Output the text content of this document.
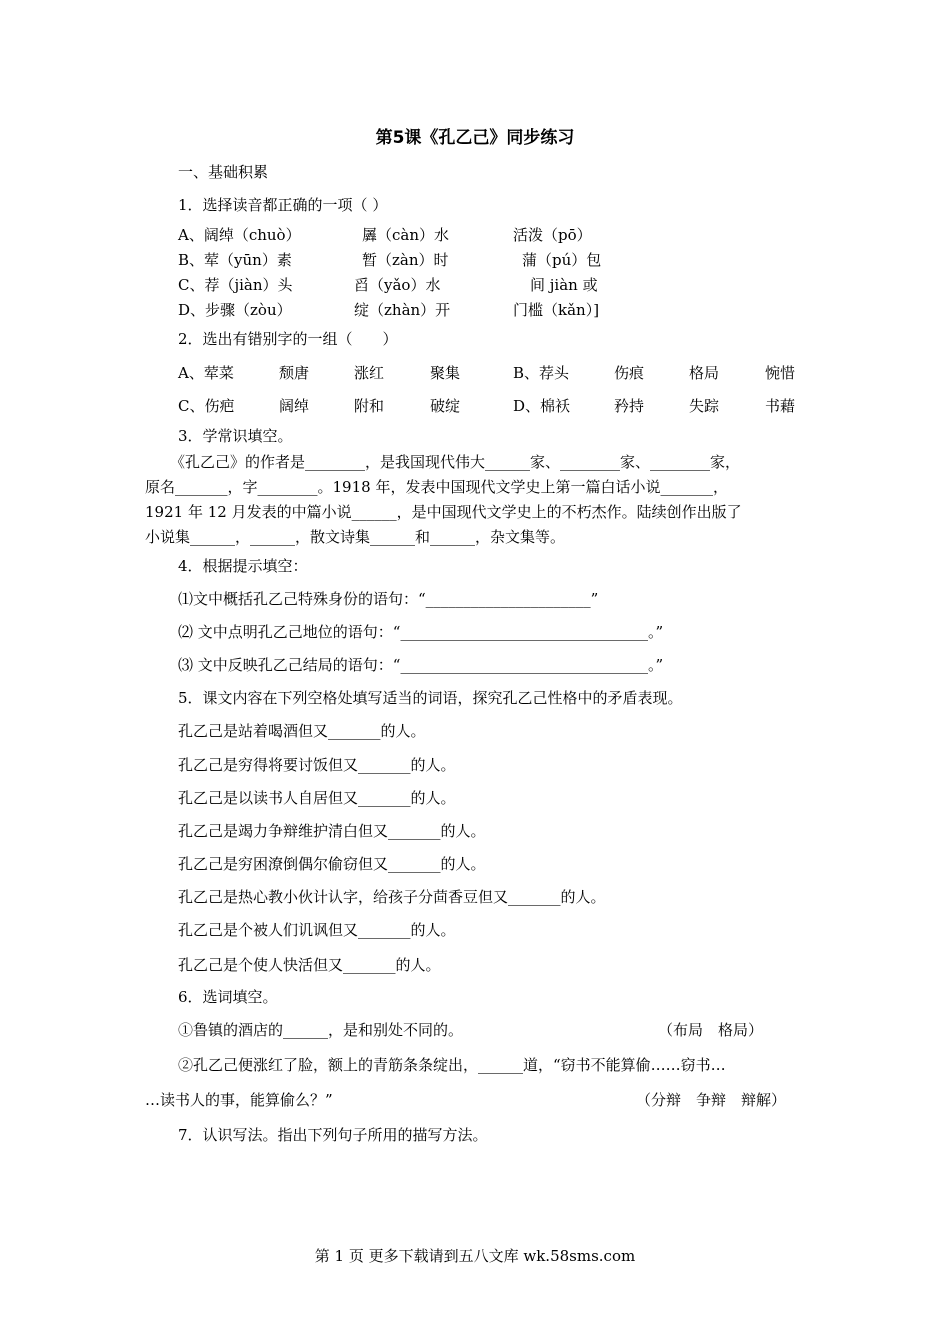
第5课《孔乙己》同步练习
一、基础积累
1．选择读音都正确的一项（ ）
A、阔绰（chuò）	羼（càn）水	活泼（pō）
B、荤（yūn）素	暂（zàn）时	蒲（pú）包
C、荐（jiàn）头	舀（yǎo）水	间 jiàn 或
D、步骤（zòu）	绽（zhàn）开	门槛（kǎn）]
2．选出有错别字的一组（　　）
A、荤菜	颓唐	涨红	聚集	B、荐头	伤痕	格局	惋惜
C、伤疤	阔绰	附和	破绽	D、棉袄	矜持	失踪	书藉
3．学常识填空。
《孔乙己》的作者是________，是我国现代伟大______家、________家、________家，
原名_______，字________。1918 年，发表中国现代文学史上第一篇白话小说_______，
1921 年 12 月发表的中篇小说______，是中国现代文学史上的不朽杰作。陆续创作出版了
小说集______，______，散文诗集______和______，杂文集等。
4．根据提示填空：
⑴文中概括孔乙己特殊身份的语句：“______________________”
⑵ 文中点明孔乙己地位的语句：“_________________________________。”
⑶ 文中反映孔乙己结局的语句：“_________________________________。”
5．课文内容在下列空格处填写适当的词语，探究孔乙己性格中的矛盾表现。
孔乙己是站着喝酒但又_______的人。
孔乙己是穷得将要讨饭但又_______的人。
孔乙己是以读书人自居但又_______的人。
孔乙己是竭力争辩维护清白但又_______的人。
孔乙己是穷困潦倒偶尔偷窃但又_______的人。
孔乙己是热心教小伙计认字，给孩子分茴香豆但又_______的人。
孔乙己是个被人们讥讽但又_______的人。
孔乙己是个使人快活但又_______的人。
6．选词填空。
①鲁镇的酒店的______，是和别处不同的。	（布局　格局）
②孔乙己便涨红了脸，额上的青筋条条绽出，______道，“窃书不能算偷……窃书…
…读书人的事，能算偷么？”	（分辩　争辩　辩解）
7．认识写法。指出下列句子所用的描写方法。
第 1 页 更多下载请到五八文库 wk.58sms.com
